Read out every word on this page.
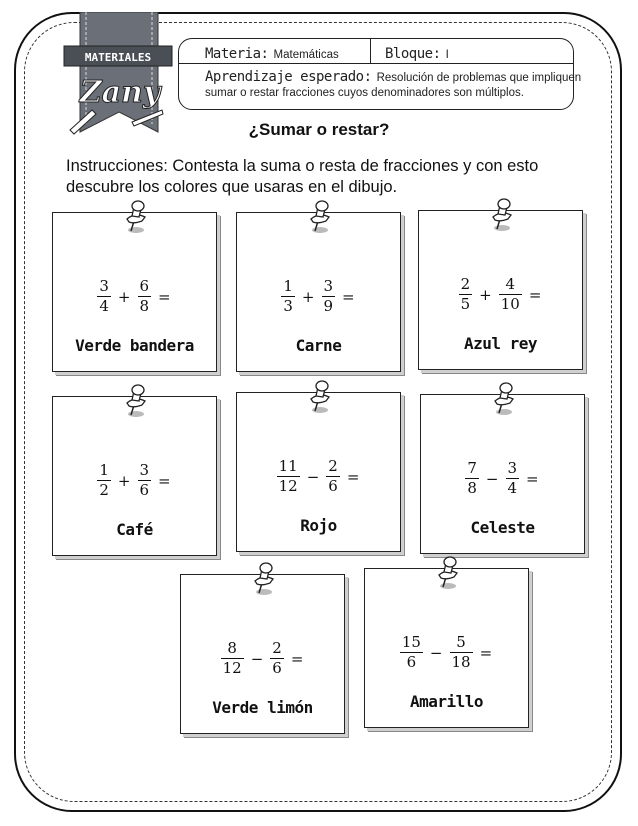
MATERIALES
Zany
Materia: Matemáticas	Bloque: I
Aprendizaje esperado: Resolución de problemas que impliquen
sumar o restar fracciones cuyos denominadores son múltiplos.
¿Sumar o restar?
Instrucciones: Contesta la suma o resta de fracciones y con esto descubre los colores que usaras en el dibujo.
$\frac{3}{4} + \frac{6}{8}$ =
Verde bandera
$\frac{1}{3} + \frac{3}{9}$ =
Carne
$\frac{2}{5} + \frac{4}{10}$ =
Azul rey
$\frac{1}{2} + \frac{3}{6}$ =
Café
$\frac{11}{12} - \frac{2}{6}$ =
Rojo
$\frac{7}{8} - \frac{3}{4}$ =
Celeste
$\frac{8}{12} - \frac{2}{6}$ =
Verde limón
$\frac{15}{6} - \frac{5}{18}$ =
Amarillo
